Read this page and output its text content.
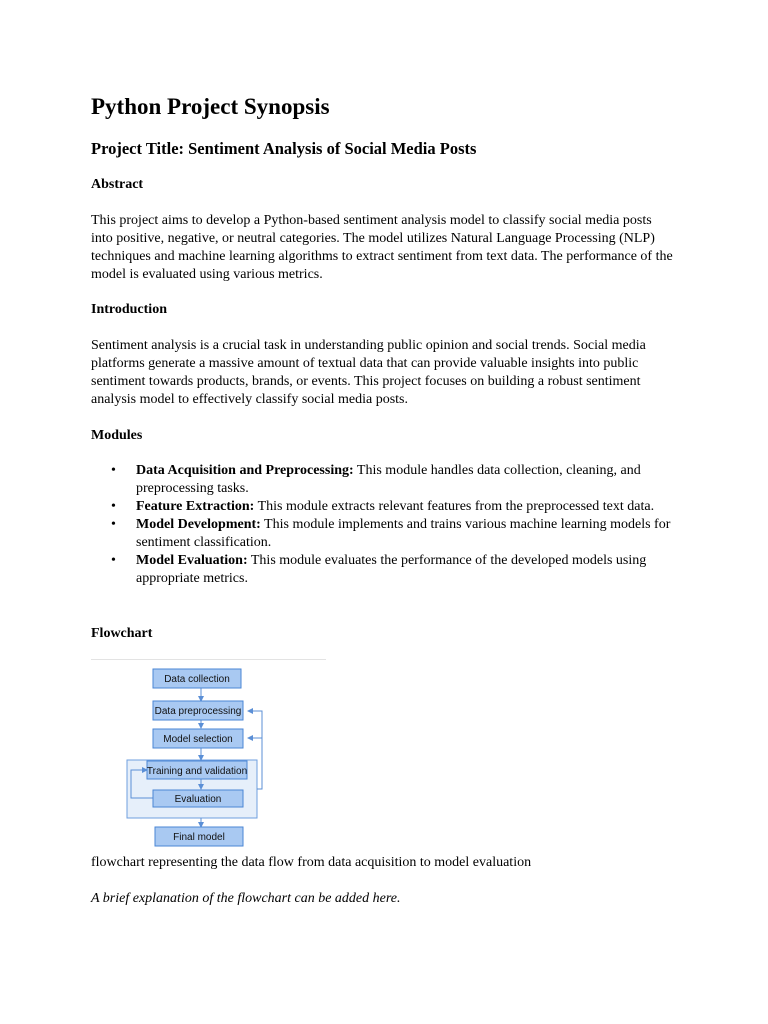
Python Project Synopsis
Project Title: Sentiment Analysis of Social Media Posts
Abstract

This project aims to develop a Python-based sentiment analysis model to classify social media posts into positive, negative, or neutral categories. The model utilizes Natural Language Processing (NLP) techniques and machine learning algorithms to extract sentiment from text data. The performance of the model is evaluated using various metrics.

Introduction

Sentiment analysis is a crucial task in understanding public opinion and social trends. Social media platforms generate a massive amount of textual data that can provide valuable insights into public sentiment towards products, brands, or events. This project focuses on building a robust sentiment analysis model to effectively classify social media posts.

Modules
• Data Acquisition and Preprocessing: This module handles data collection, cleaning, and preprocessing tasks.
• Feature Extraction: This module extracts relevant features from the preprocessed text data.
• Model Development: This module implements and trains various machine learning models for sentiment classification.
• Model Evaluation: This module evaluates the performance of the developed models using appropriate metrics.
Flowchart
Data collection
Data preprocessing
Model selection
Training and validation
Evaluation
Final model
flowchart representing the data flow from data acquisition to model evaluation
A brief explanation of the flowchart can be added here.
